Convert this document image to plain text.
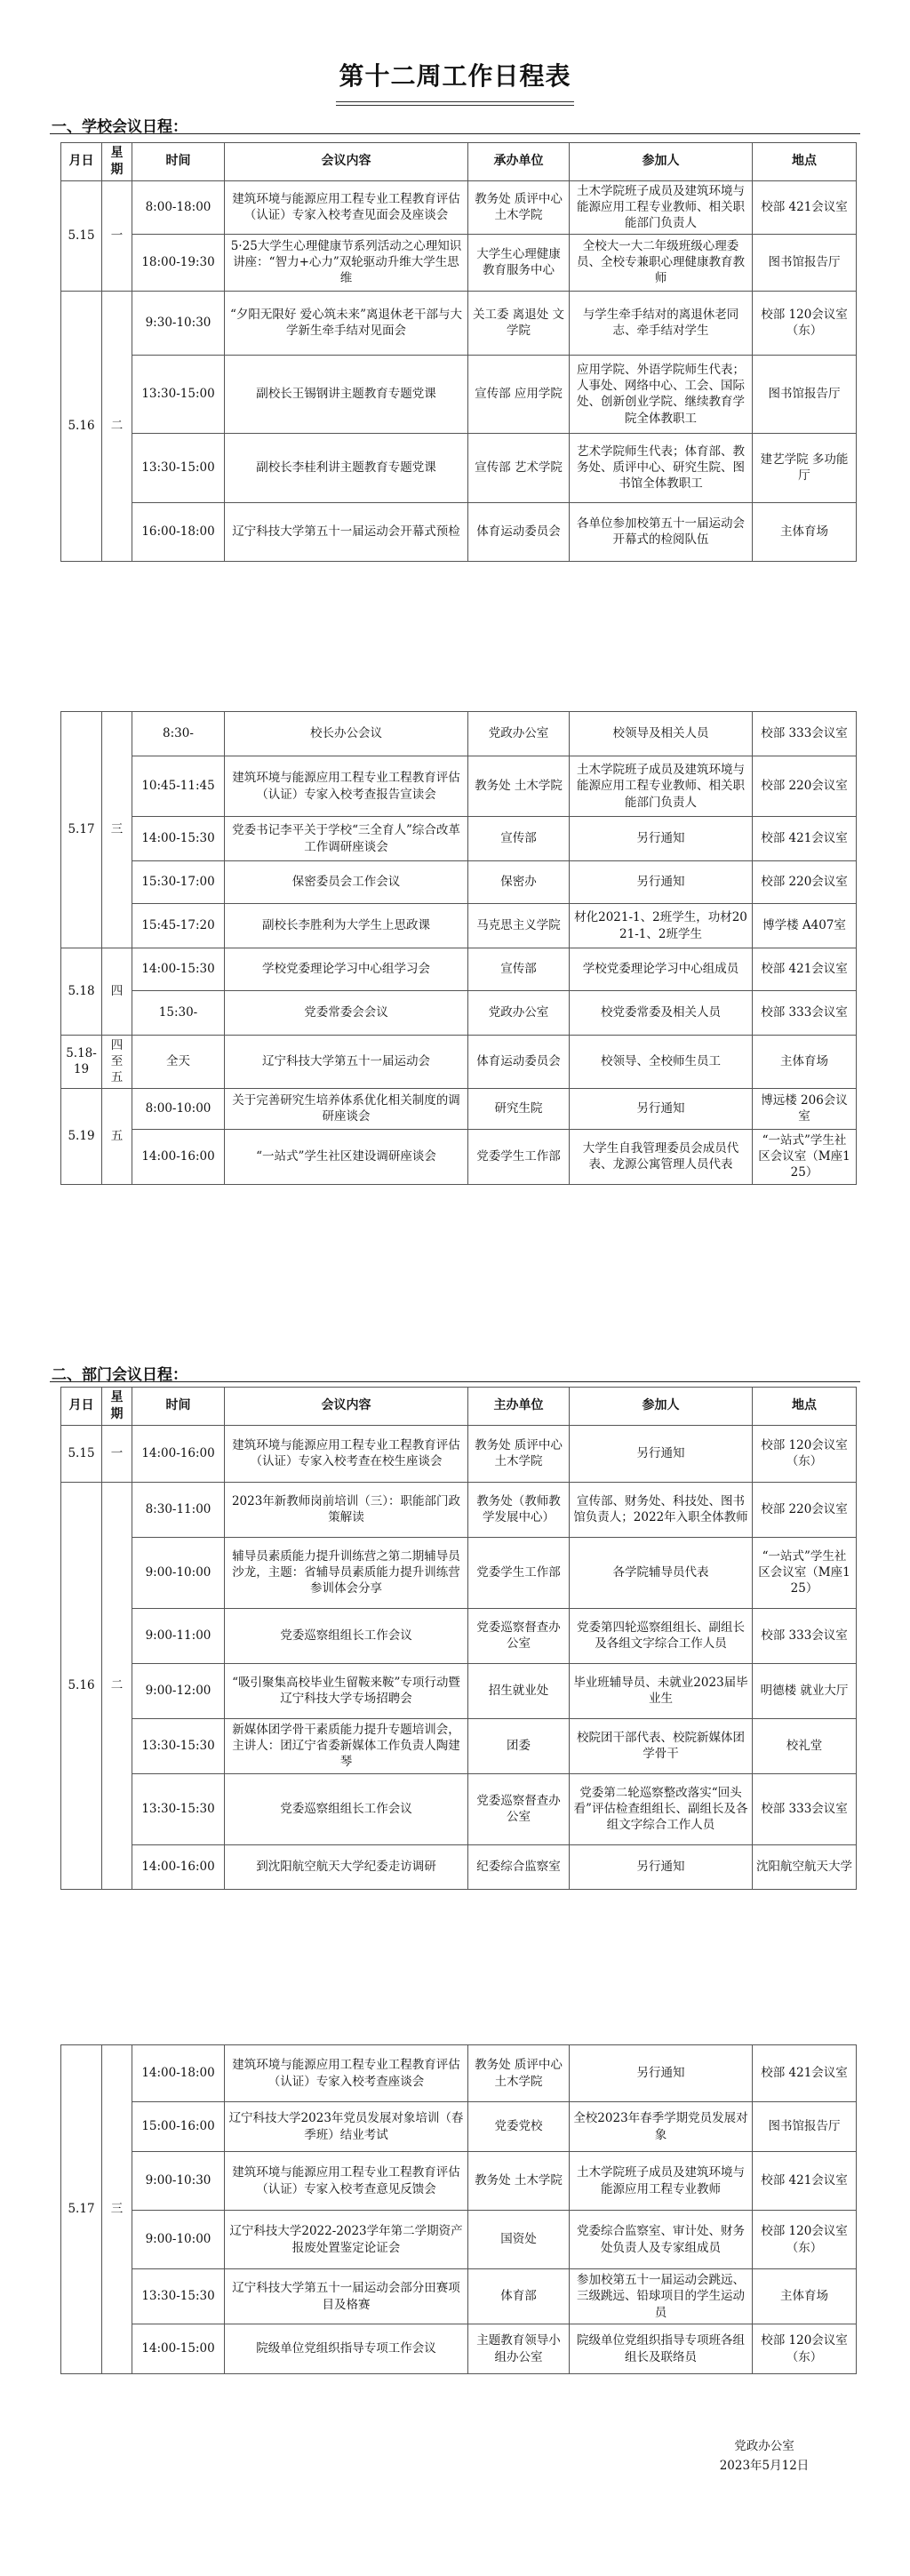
第十二周工作日程表
一、学校会议日程：
月日	星期	时间	会议内容	承办单位	参加人	地点
5.15	一	8:00-18:00	建筑环境与能源应用工程专业工程教育评估（认证）专家入校考查见面会及座谈会	教务处 质评中心 土木学院	土木学院班子成员及建筑环境与能源应用工程专业教师、相关职能部门负责人	校部 421会议室
		18:00-19:30	5·25大学生心理健康节系列活动之心理知识讲座：“智力+心力”双轮驱动升维大学生思维	大学生心理健康教育服务中心	全校大一大二年级班级心理委员、全校专兼职心理健康教育教师	图书馆报告厅
5.16	二	9:30-10:30	“夕阳无限好 爱心筑未来”离退休老干部与大学新生牵手结对见面会	关工委 离退处 文学院	与学生牵手结对的离退休老同志、牵手结对学生	校部 120会议室（东）
		13:30-15:00	副校长王锡钢讲主题教育专题党课	宣传部 应用学院	应用学院、外语学院师生代表；人事处、网络中心、工会、国际处、创新创业学院、继续教育学院全体教职工	图书馆报告厅
		13:30-15:00	副校长李桂利讲主题教育专题党课	宣传部 艺术学院	艺术学院师生代表；体育部、教务处、质评中心、研究生院、图书馆全体教职工	建艺学院 多功能厅
		16:00-18:00	辽宁科技大学第五十一届运动会开幕式预检	体育运动委员会	各单位参加校第五十一届运动会开幕式的检阅队伍	主体育场
5.17	三	8:30-	校长办公会议	党政办公室	校领导及相关人员	校部 333会议室
		10:45-11:45	建筑环境与能源应用工程专业工程教育评估（认证）专家入校考查报告宣读会	教务处 土木学院	土木学院班子成员及建筑环境与能源应用工程专业教师、相关职能部门负责人	校部 220会议室
		14:00-15:30	党委书记李平关于学校“三全育人”综合改革工作调研座谈会	宣传部	另行通知	校部 421会议室
		15:30-17:00	保密委员会工作会议	保密办	另行通知	校部 220会议室
		15:45-17:20	副校长李胜利为大学生上思政课	马克思主义学院	材化2021-1、2班学生，功材2021-1、2班学生	博学楼 A407室
5.18	四	14:00-15:30	学校党委理论学习中心组学习会	宣传部	学校党委理论学习中心组成员	校部 421会议室
		15:30-	党委常委会会议	党政办公室	校党委常委及相关人员	校部 333会议室
5.18-19	四至五	全天	辽宁科技大学第五十一届运动会	体育运动委员会	校领导、全校师生员工	主体育场
5.19	五	8:00-10:00	关于完善研究生培养体系优化相关制度的调研座谈会	研究生院	另行通知	博远楼 206会议室
		14:00-16:00	“一站式”学生社区建设调研座谈会	党委学生工作部	大学生自我管理委员会成员代表、龙源公寓管理人员代表	“一站式”学生社区会议室（M座125）
二、部门会议日程：
月日	星期	时间	会议内容	主办单位	参加人	地点
5.15	一	14:00-16:00	建筑环境与能源应用工程专业工程教育评估（认证）专家入校考查在校生座谈会	教务处 质评中心 土木学院	另行通知	校部 120会议室（东）
5.16	二	8:30-11:00	2023年新教师岗前培训（三）：职能部门政策解读	教务处（教师教学发展中心）	宣传部、财务处、科技处、图书馆负责人；2022年入职全体教师	校部 220会议室
		9:00-10:00	辅导员素质能力提升训练营之第二期辅导员沙龙，主题：省辅导员素质能力提升训练营参训体会分享	党委学生工作部	各学院辅导员代表	“一站式”学生社区会议室（M座125）
		9:00-11:00	党委巡察组组长工作会议	党委巡察督查办公室	党委第四轮巡察组组长、副组长及各组文字综合工作人员	校部 333会议室
		9:00-12:00	“吸引聚集高校毕业生留鞍来鞍”专项行动暨辽宁科技大学专场招聘会	招生就业处	毕业班辅导员、未就业2023届毕业生	明德楼 就业大厅
		13:30-15:30	新媒体团学骨干素质能力提升专题培训会，主讲人：团辽宁省委新媒体工作负责人陶建琴	团委	校院团干部代表、校院新媒体团学骨干	校礼堂
		13:30-15:30	党委巡察组组长工作会议	党委巡察督查办公室	党委第二轮巡察整改落实“回头看”评估检查组组长、副组长及各组文字综合工作人员	校部 333会议室
		14:00-16:00	到沈阳航空航天大学纪委走访调研	纪委综合监察室	另行通知	沈阳航空航天大学
5.17	三	14:00-18:00	建筑环境与能源应用工程专业工程教育评估（认证）专家入校考查座谈会	教务处 质评中心 土木学院	另行通知	校部 421会议室
		15:00-16:00	辽宁科技大学2023年党员发展对象培训（春季班）结业考试	党委党校	全校2023年春季学期党员发展对象	图书馆报告厅
		9:00-10:30	建筑环境与能源应用工程专业工程教育评估（认证）专家入校考查意见反馈会	教务处 土木学院	土木学院班子成员及建筑环境与能源应用工程专业教师	校部 421会议室
		9:00-10:00	辽宁科技大学2022-2023学年第二学期资产报废处置鉴定论证会	国资处	党委综合监察室、审计处、财务处负责人及专家组成员	校部 120会议室（东）
		13:30-15:30	辽宁科技大学第五十一届运动会部分田赛项目及格赛	体育部	参加校第五十一届运动会跳远、三级跳远、铅球项目的学生运动员	主体育场
		14:00-15:00	院级单位党组织指导专项工作会议	主题教育领导小组办公室	院级单位党组织指导专项班各组组长及联络员	校部 120会议室（东）
党政办公室
2023年5月12日
